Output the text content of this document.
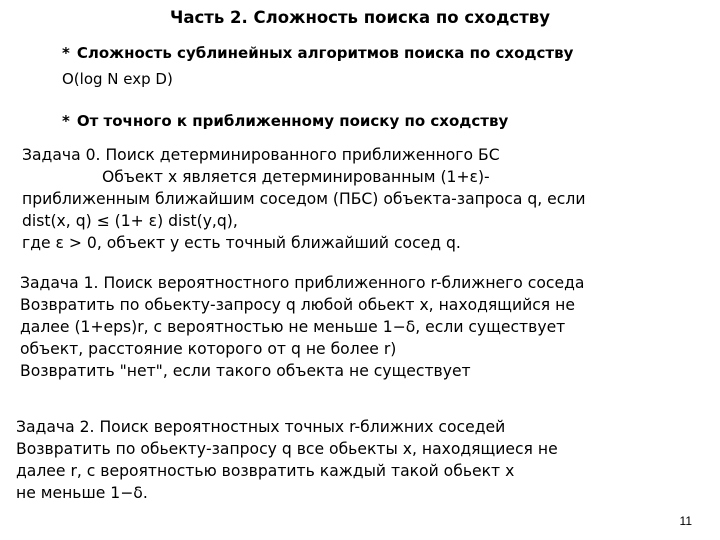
Часть 2. Сложность поиска по сходству
* Сложность сублинейных алгоритмов поиска по сходству
O(log N exp D)
* От точного к приближенному поиску по сходству
Задача 0. Поиск детерминированного приближенного БС
Объект x является детерминированным (1+ε)-
приближенным ближайшим соседом (ПБС) объекта-запроса q, если
dist(x, q) ≤ (1+ ε) dist(y,q),
где ε > 0, объект y есть точный ближайший сосед q.
Задача 1. Поиск вероятностного приближенного r-ближнего соседа
Возвратить по обьекту-запросу q любой обьект x, находящийся не
далее (1+eps)r, с вероятностью не меньше 1−δ, если существует
объект, расстояние которого от q не более r)
Возвратить "нет", если такого объекта не существует
Задача 2. Поиск вероятностных точных r-ближних соседей
Возвратить по обьекту-запросу q все обьекты x, находящиеся не
далее r, с вероятностью возвратить каждый такой обьект x
не меньше 1−δ.
11
